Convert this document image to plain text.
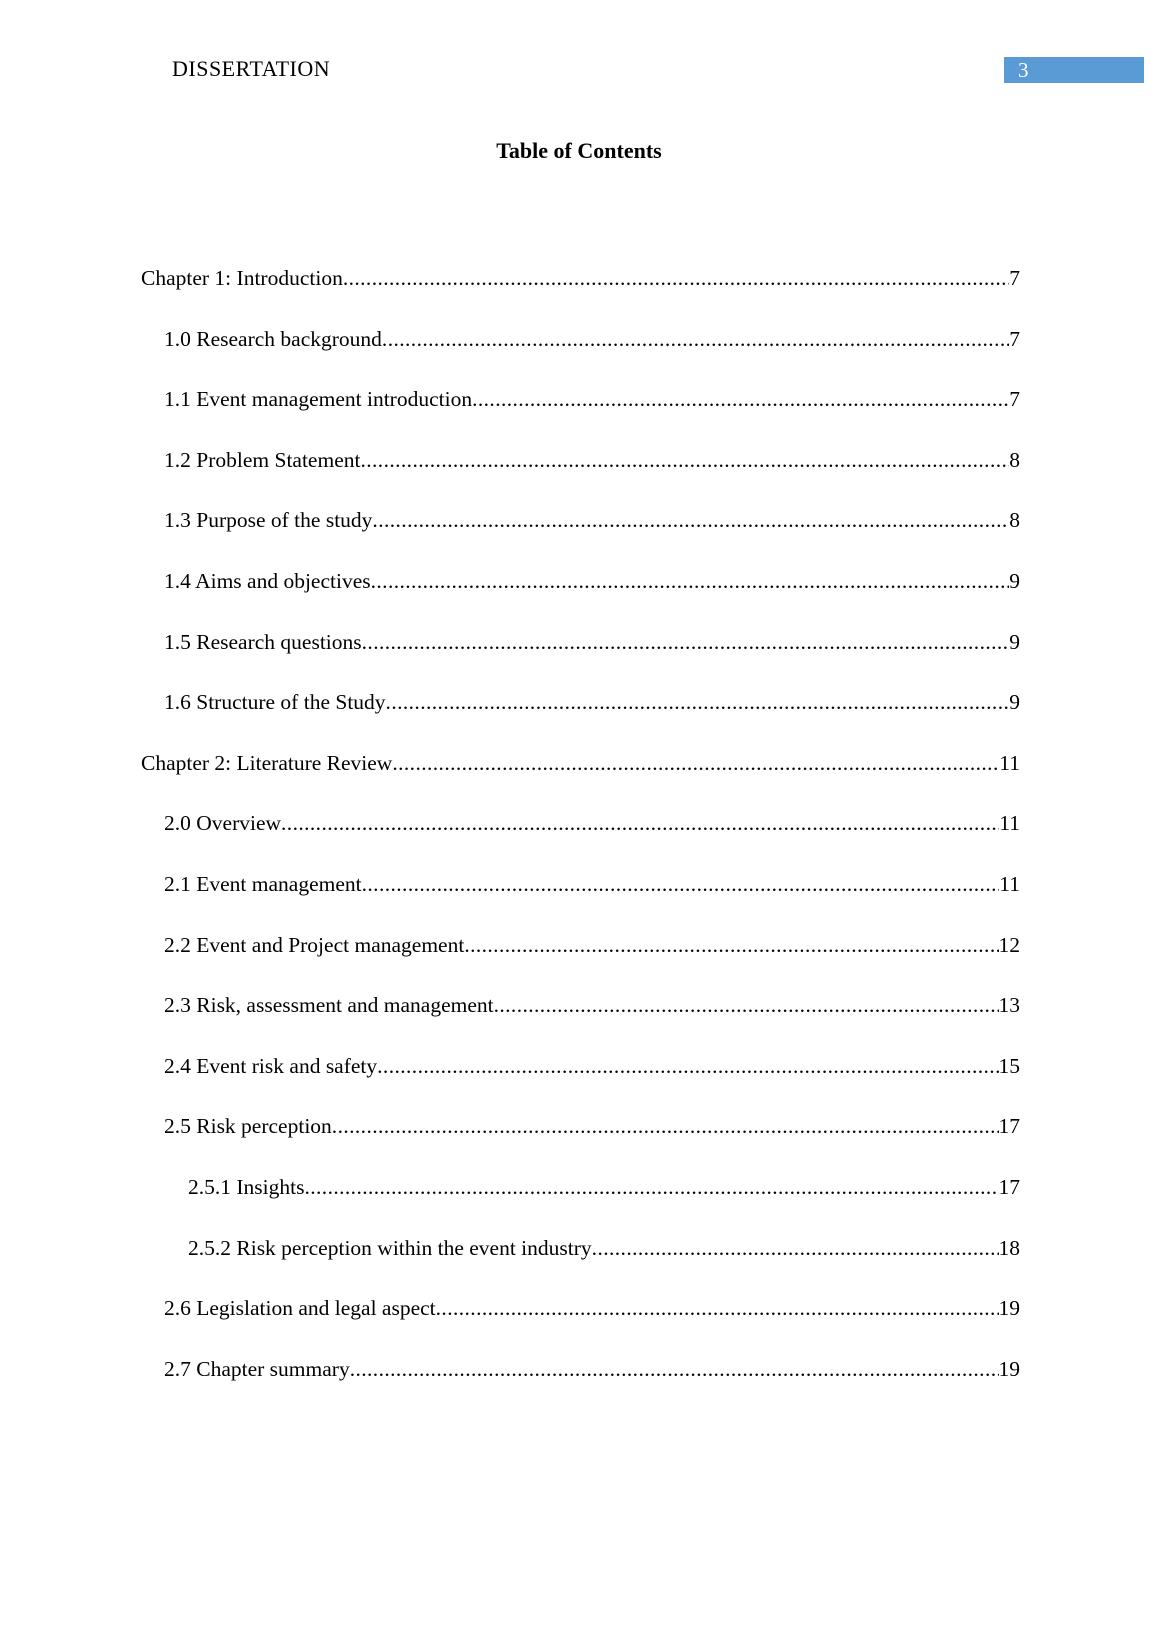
DISSERTATION	3
Table of Contents
Chapter 1: Introduction .....	7
1.0 Research background .....	7
1.1 Event management introduction .....	7
1.2 Problem Statement .....	8
1.3 Purpose of the study .....	8
1.4 Aims and objectives .....	9
1.5 Research questions .....	9
1.6 Structure of the Study .....	9
Chapter 2: Literature Review .....	11
2.0 Overview .....	11
2.1 Event management .....	11
2.2 Event and Project management .....	12
2.3 Risk, assessment and management .....	13
2.4 Event risk and safety .....	15
2.5 Risk perception .....	17
2.5.1 Insights .....	17
2.5.2 Risk perception within the event industry .....	18
2.6 Legislation and legal aspect .....	19
2.7 Chapter summary .....	19
